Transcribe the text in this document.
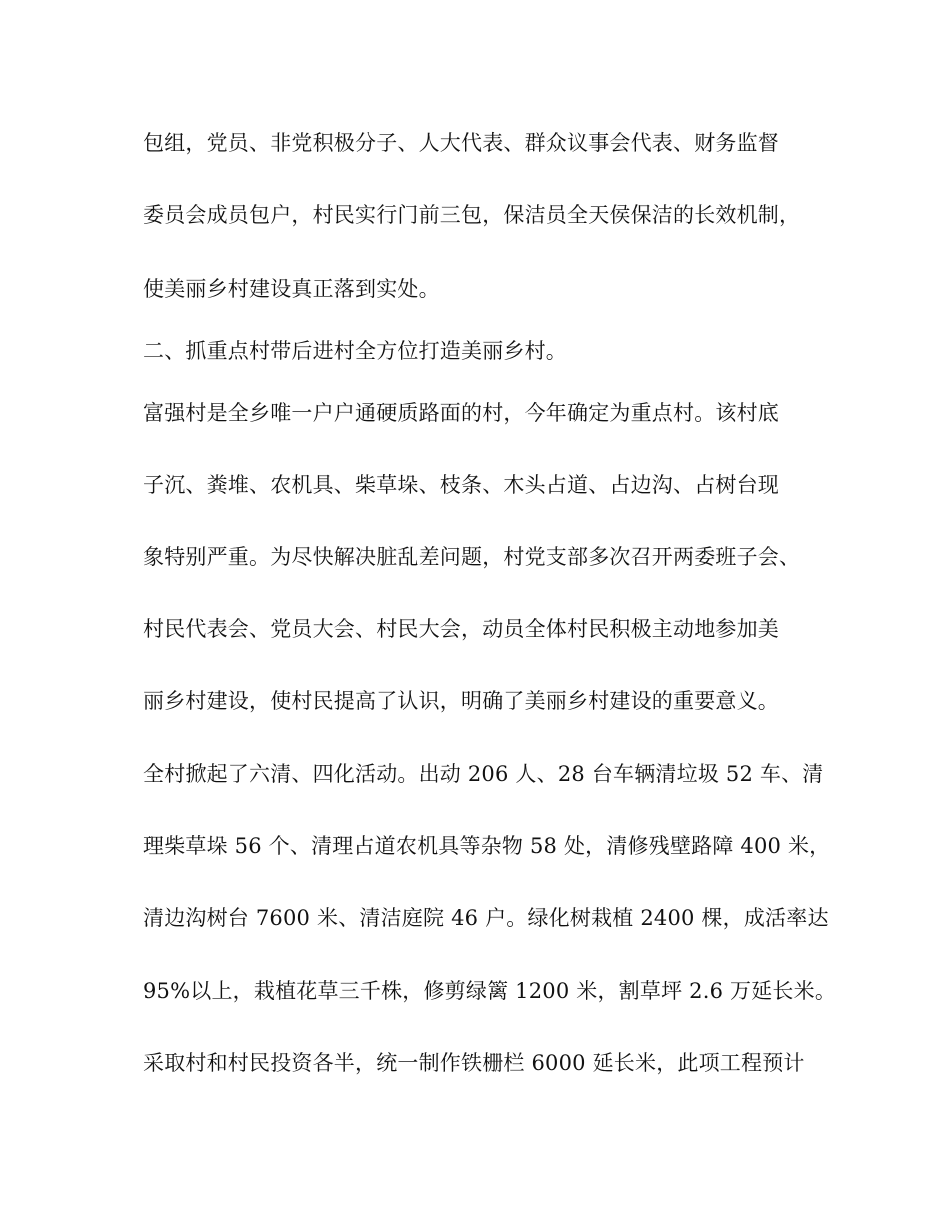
包组，党员、非党积极分子、人大代表、群众议事会代表、财务监督
委员会成员包户，村民实行门前三包，保洁员全天侯保洁的长效机制，
使美丽乡村建设真正落到实处。
二、抓重点村带后进村全方位打造美丽乡村。
富强村是全乡唯一户户通硬质路面的村，今年确定为重点村。该村底
子沉、粪堆、农机具、柴草垛、枝条、木头占道、占边沟、占树台现
象特别严重。为尽快解决脏乱差问题，村党支部多次召开两委班子会、
村民代表会、党员大会、村民大会，动员全体村民积极主动地参加美
丽乡村建设，使村民提高了认识，明确了美丽乡村建设的重要意义。
全村掀起了六清、四化活动。出动 206 人、28 台车辆清垃圾 52 车、清
理柴草垛 56 个、清理占道农机具等杂物 58 处，清修残壁路障 400 米，
清边沟树台 7600 米、清洁庭院 46 户。绿化树栽植 2400 棵，成活率达
95%以上，栽植花草三千株，修剪绿篱 1200 米，割草坪 2.6 万延长米。
采取村和村民投资各半，统一制作铁栅栏 6000 延长米，此项工程预计
